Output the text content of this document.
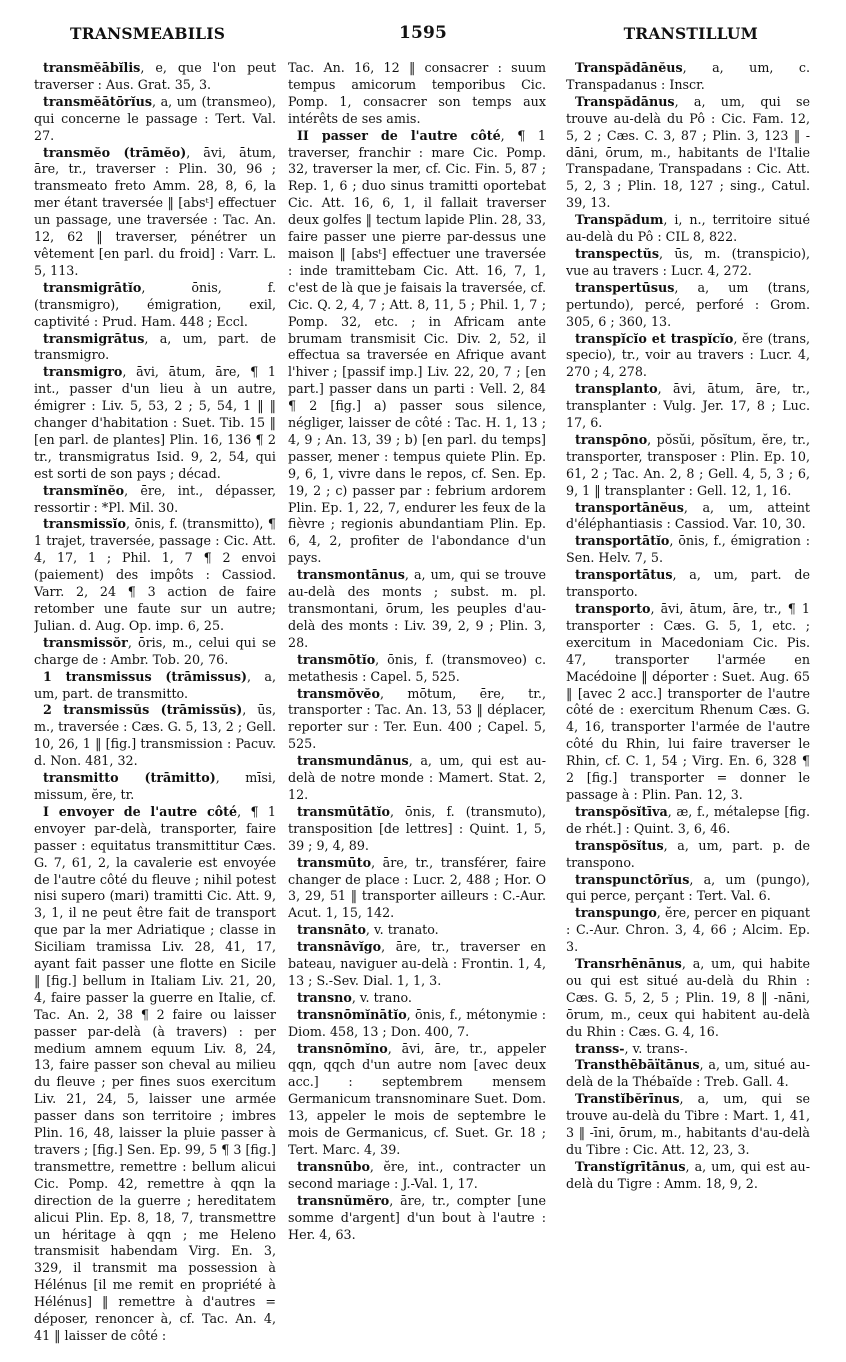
TRANSMEABILIS	1595	TRANSTILLUM

transmĕābĭlis, e, que l'on peut traverser : Aus. Grat. 35, 3.

transmĕātōrĭus, a, um (transmeo), qui concerne le passage : Tert. Val. 27.

transmĕo (trāmĕo), āvi, ātum, āre, tr., traverser : Plin. 30, 96 ; transmeato freto Amm. 28, 8, 6, la mer étant traversée ‖ [absᵗ] effectuer un passage, une traversée : Tac. An. 12, 62 ‖ traverser, pénétrer un vêtement [en parl. du froid] : Varr. L. 5, 113.

transmigrātĭo, ōnis, f. (transmigro), émigration, exil, captivité : Prud. Ham. 448 ; Eccl.

transmigrātus, a, um, part. de transmigro.

transmigro, āvi, ātum, āre, ¶ 1 int., passer d'un lieu à un autre, émigrer : Liv. 5, 53, 2 ; 5, 54, 1 ‖ ‖ changer d'habitation : Suet. Tib. 15 ‖ [en parl. de plantes] Plin. 16, 136 ¶ 2 tr., transmigratus Isid. 9, 2, 54, qui est sorti de son pays ; décad.

transmĭnĕo, ēre, int., dépasser, ressortir : *Pl. Mil. 30.

transmissĭo, ōnis, f. (transmitto), ¶ 1 trajet, traversée, passage : Cic. Att. 4, 17, 1 ; Phil. 1, 7 ¶ 2 envoi (paiement) des impôts : Cassiod. Varr. 2, 24 ¶ 3 action de faire retomber une faute sur un autre; Julian. d. Aug. Op. imp. 6, 25.

transmissŏr, ōris, m., celui qui se charge de : Ambr. Tob. 20, 76.

1 transmissus (trāmissus), a, um, part. de transmitto.

2 transmissŭs (trāmissŭs), ūs, m., traversée : Cæs. G. 5, 13, 2 ; Gell. 10, 26, 1 ‖ [fig.] transmission : Pacuv. d. Non. 481, 32.

transmitto (trāmitto), mīsi, missum, ĕre, tr.

I envoyer de l'autre côté, ¶ 1 envoyer par-delà, transporter, faire passer : equitatus transmittitur Cæs. G. 7, 61, 2, la cavalerie est envoyée de l'autre côté du fleuve ; nihil potest nisi supero (mari) tramitti Cic. Att. 9, 3, 1, il ne peut être fait de transport que par la mer Adriatique ; classe in Siciliam tramissa Liv. 28, 41, 17, ayant fait passer une flotte en Sicile ‖ [fig.] bellum in Italiam Liv. 21, 20, 4, faire passer la guerre en Italie, cf. Tac. An. 2, 38 ¶ 2 faire ou laisser passer par-delà (à travers) : per medium amnem equum Liv. 8, 24, 13, faire passer son cheval au milieu du fleuve ; per fines suos exercitum Liv. 21, 24, 5, laisser une armée passer dans son territoire ; imbres Plin. 16, 48, laisser la pluie passer à travers ; [fig.] Sen. Ep. 99, 5 ¶ 3 [fig.] transmettre, remettre : bellum alicui Cic. Pomp. 42, remettre à qqn la direction de la guerre ; hereditatem alicui Plin. Ep. 8, 18, 7, transmettre un héritage à qqn ; me Heleno transmisit habendam Virg. En. 3, 329, il transmit ma possession à Hélénus [il me remit en propriété à Hélénus] ‖ remettre à d'autres = déposer, renoncer à, cf. Tac. An. 4, 41 ‖ laisser de côté :

Tac. An. 16, 12 ‖ consacrer : suum tempus amicorum temporibus Cic. Pomp. 1, consacrer son temps aux intérêts de ses amis.

II passer de l'autre côté, ¶ 1 traverser, franchir : mare Cic. Pomp. 32, traverser la mer, cf. Cic. Fin. 5, 87 ; Rep. 1, 6 ; duo sinus tramitti oportebat Cic. Att. 16, 6, 1, il fallait traverser deux golfes ‖ tectum lapide Plin. 28, 33, faire passer une pierre par-dessus une maison ‖ [absᵗ] effectuer une traversée : inde tramittebam Cic. Att. 16, 7, 1, c'est de là que je faisais la traversée, cf. Cic. Q. 2, 4, 7 ; Att. 8, 11, 5 ; Phil. 1, 7 ; Pomp. 32, etc. ; in Africam ante brumam transmisit Cic. Div. 2, 52, il effectua sa traversée en Afrique avant l'hiver ; [passif imp.] Liv. 22, 20, 7 ; [en part.] passer dans un parti : Vell. 2, 84 ¶ 2 [fig.] a) passer sous silence, négliger, laisser de côté : Tac. H. 1, 13 ; 4, 9 ; An. 13, 39 ; b) [en parl. du temps] passer, mener : tempus quiete Plin. Ep. 9, 6, 1, vivre dans le repos, cf. Sen. Ep. 19, 2 ; c) passer par : febrium ardorem Plin. Ep. 1, 22, 7, endurer les feux de la fièvre ; regionis abundantiam Plin. Ep. 6, 4, 2, profiter de l'abondance d'un pays.

transmontānus, a, um, qui se trouve au-delà des monts ; subst. m. pl. transmontani, ōrum, les peuples d'au-delà des monts : Liv. 39, 2, 9 ; Plin. 3, 28.

transmōtĭo, ōnis, f. (transmoveo) c. metathesis : Capel. 5, 525.

transmŏvĕo, mōtum, ēre, tr., transporter : Tac. An. 13, 53 ‖ déplacer, reporter sur : Ter. Eun. 400 ; Capel. 5, 525.

transmundānus, a, um, qui est au-delà de notre monde : Mamert. Stat. 2, 12.

transmūtātĭo, ōnis, f. (transmuto), transposition [de lettres] : Quint. 1, 5, 39 ; 9, 4, 89.

transmūto, āre, tr., transférer, faire changer de place : Lucr. 2, 488 ; Hor. O 3, 29, 51 ‖ transporter ailleurs : C.-Aur. Acut. 1, 15, 142.

transnāto, v. tranato.

transnāvĭgo, āre, tr., traverser en bateau, naviguer au-delà : Frontin. 1, 4, 13 ; S.-Sev. Dial. 1, 1, 3.

transno, v. trano.

transnōmĭnātĭo, ōnis, f., métonymie : Diom. 458, 13 ; Don. 400, 7.

transnōmĭno, āvi, āre, tr., appeler qqn, qqch d'un autre nom [avec deux acc.] : septembrem mensem Germanicum transnominare Suet. Dom. 13, appeler le mois de septembre le mois de Germanicus, cf. Suet. Gr. 18 ; Tert. Marc. 4, 39.

transnūbo, ĕre, int., contracter un second mariage : J.-Val. 1, 17.

transnŭmĕro, āre, tr., compter [une somme d'argent] d'un bout à l'autre : Her. 4, 63.

Transpădānĕus, a, um, c. Transpadanus : Inscr.

Transpădānus, a, um, qui se trouve au-delà du Pô : Cic. Fam. 12, 5, 2 ; Cæs. C. 3, 87 ; Plin. 3, 123 ‖ -dāni, ōrum, m., habitants de l'Italie Transpadane, Transpadans : Cic. Att. 5, 2, 3 ; Plin. 18, 127 ; sing., Catul. 39, 13.

Transpădum, i, n., territoire situé au-delà du Pô : CIL 8, 822.

transpectŭs, ūs, m. (transpicio), vue au travers : Lucr. 4, 272.

transpertūsus, a, um (trans, pertundo), percé, perforé : Grom. 305, 6 ; 360, 13.

transpĭcĭo et traspĭcĭo, ĕre (trans, specio), tr., voir au travers : Lucr. 4, 270 ; 4, 278.

transplanto, āvi, ātum, āre, tr., transplanter : Vulg. Jer. 17, 8 ; Luc. 17, 6.

transpōno, pŏsŭi, pŏsĭtum, ĕre, tr., transporter, transposer : Plin. Ep. 10, 61, 2 ; Tac. An. 2, 8 ; Gell. 4, 5, 3 ; 6, 9, 1 ‖ transplanter : Gell. 12, 1, 16.

transportānĕus, a, um, atteint d'éléphantiasis : Cassiod. Var. 10, 30.

transportātĭo, ōnis, f., émigration : Sen. Helv. 7, 5.

transportātus, a, um, part. de transporto.

transporto, āvi, ātum, āre, tr., ¶ 1 transporter : Cæs. G. 5, 1, etc. ; exercitum in Macedoniam Cic. Pis. 47, transporter l'armée en Macédoine ‖ déporter : Suet. Aug. 65 ‖ [avec 2 acc.] transporter de l'autre côté de : exercitum Rhenum Cæs. G. 4, 16, transporter l'armée de l'autre côté du Rhin, lui faire traverser le Rhin, cf. C. 1, 54 ; Virg. En. 6, 328 ¶ 2 [fig.] transporter = donner le passage à : Plin. Pan. 12, 3.

transpŏsĭtīva, æ, f., métalepse [fig. de rhét.] : Quint. 3, 6, 46.

transpŏsĭtus, a, um, part. p. de transpono.

transpunctōrĭus, a, um (pungo), qui perce, perçant : Tert. Val. 6.

transpungo, ĕre, percer en piquant : C.-Aur. Chron. 3, 4, 66 ; Alcim. Ep. 3.

Transrhēnānus, a, um, qui habite ou qui est situé au-delà du Rhin : Cæs. G. 5, 2, 5 ; Plin. 19, 8 ‖ -nāni, ōrum, m., ceux qui habitent au-delà du Rhin : Cæs. G. 4, 16.

transs-, v. trans-.

Transthēbāïtānus, a, um, situé au-delà de la Thébaïde : Treb. Gall. 4.

Transtĭbĕrīnus, a, um, qui se trouve au-delà du Tibre : Mart. 1, 41, 3 ‖ -īni, ōrum, m., habitants d'au-delà du Tibre : Cic. Att. 12, 23, 3.

Transtĭgrītānus, a, um, qui est au-delà du Tigre : Amm. 18, 9, 2.
